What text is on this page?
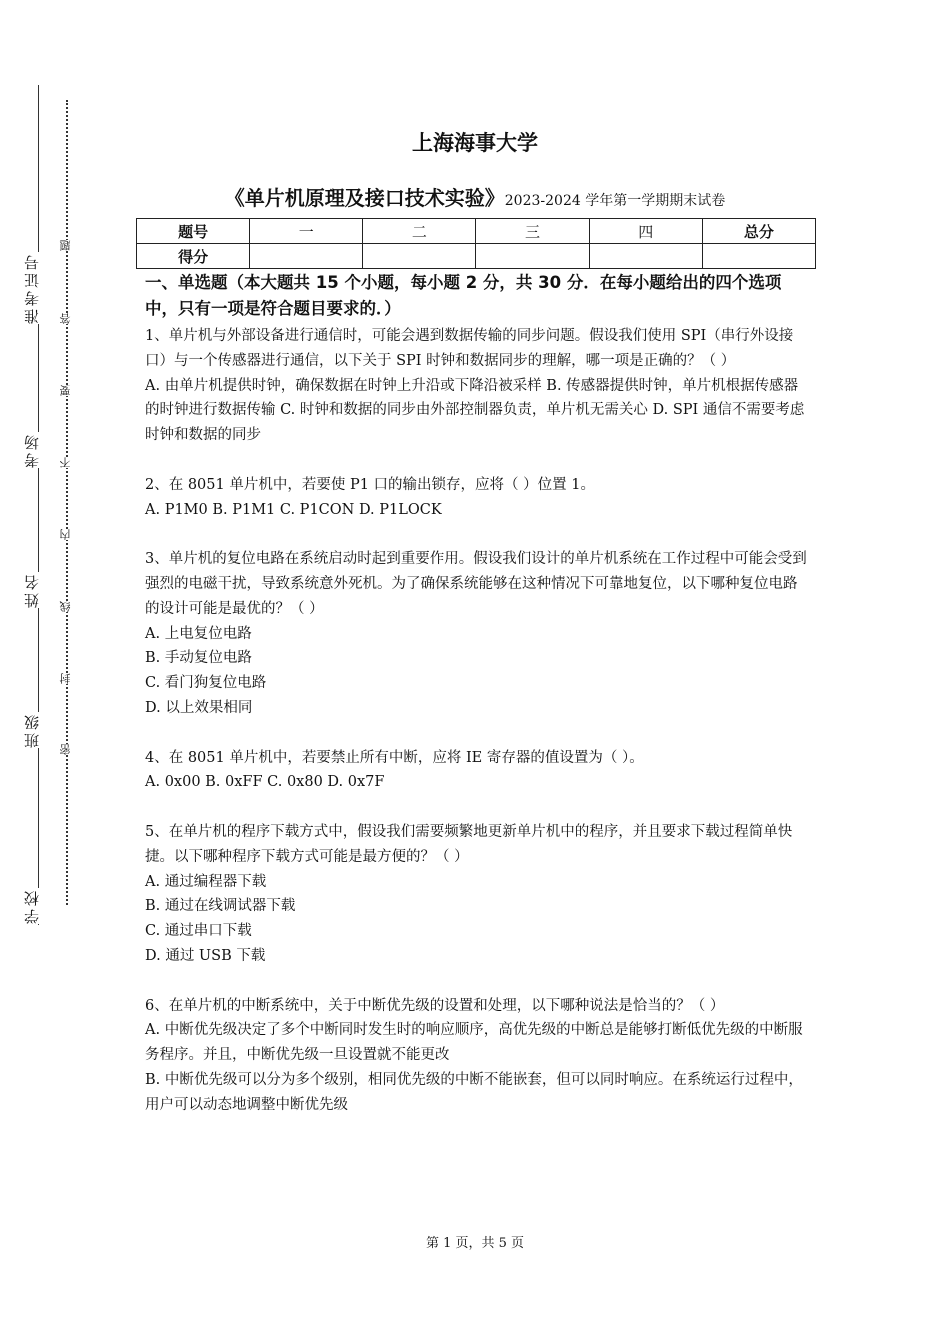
准考证号
考场
姓名
班级
学校
题
答
要
不
内
线
封
密
上海海事大学
《单片机原理及接口技术实验》2023-2024 学年第一学期期末试卷
题号	一	二	三	四	总分
得分					
一、单选题（本大题共 15 个小题，每小题 2 分，共 30 分．在每小题给出的四个选项中，只有一项是符合题目要求的．）

1、单片机与外部设备进行通信时，可能会遇到数据传输的同步问题。假设我们使用 SPI（串行外设接口）与一个传感器进行通信，以下关于 SPI 时钟和数据同步的理解，哪一项是正确的？（ ）

A. 由单片机提供时钟，确保数据在时钟上升沿或下降沿被采样 B. 传感器提供时钟，单片机根据传感器的时钟进行数据传输 C. 时钟和数据的同步由外部控制器负责，单片机无需关心 D. SPI 通信不需要考虑时钟和数据的同步

2、在 8051 单片机中，若要使 P1 口的输出锁存，应将（ ）位置 1。

A. P1M0 B. P1M1 C. P1CON D. P1LOCK

3、单片机的复位电路在系统启动时起到重要作用。假设我们设计的单片机系统在工作过程中可能会受到强烈的电磁干扰，导致系统意外死机。为了确保系统能够在这种情况下可靠地复位，以下哪种复位电路的设计可能是最优的？（ ）

A. 上电复位电路

B. 手动复位电路

C. 看门狗复位电路

D. 以上效果相同

4、在 8051 单片机中，若要禁止所有中断，应将 IE 寄存器的值设置为（ ）。

A. 0x00 B. 0xFF C. 0x80 D. 0x7F

5、在单片机的程序下载方式中，假设我们需要频繁地更新单片机中的程序，并且要求下载过程简单快捷。以下哪种程序下载方式可能是最方便的？（ ）

A. 通过编程器下载

B. 通过在线调试器下载

C. 通过串口下载

D. 通过 USB 下载

6、在单片机的中断系统中，关于中断优先级的设置和处理，以下哪种说法是恰当的？（ ）

A. 中断优先级决定了多个中断同时发生时的响应顺序，高优先级的中断总是能够打断低优先级的中断服务程序。并且，中断优先级一旦设置就不能更改

B. 中断优先级可以分为多个级别，相同优先级的中断不能嵌套，但可以同时响应。在系统运行过程中，用户可以动态地调整中断优先级

第 1 页，共 5 页
